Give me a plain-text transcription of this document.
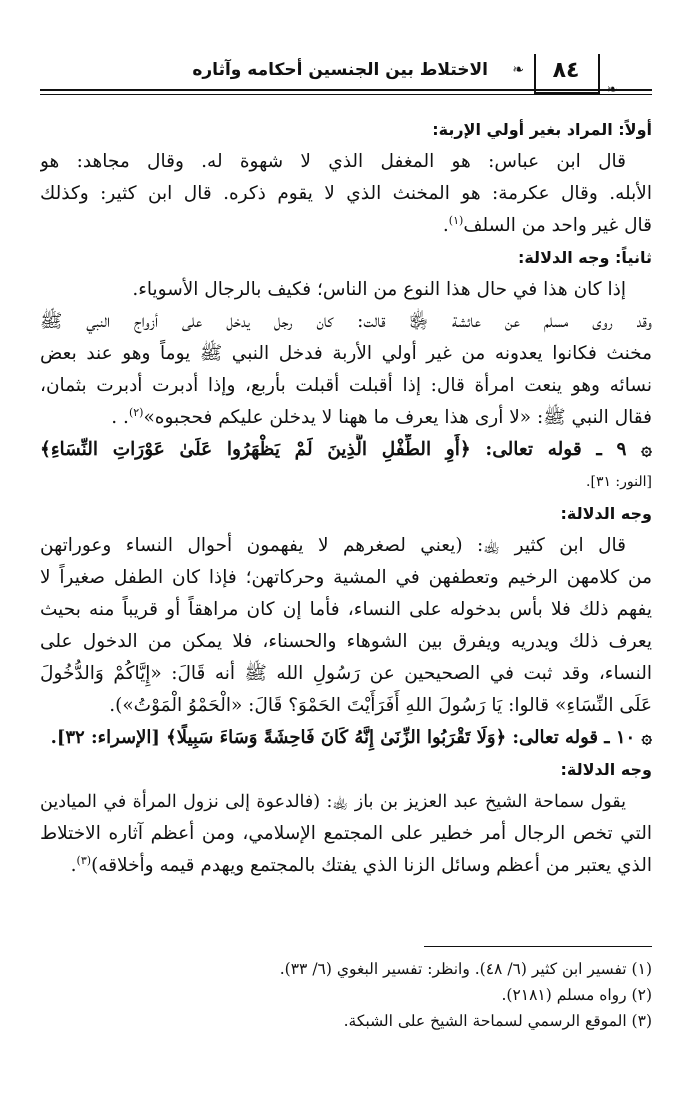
❧
الاختلاط بين الجنسين أحكامه وآثاره	٨٤
❧
أولاً: المراد بغير أولي الإربة:
قال ابن عباس: هو المغفل الذي لا شهوة له. وقال مجاهد: هو
الأبله. وقال عكرمة: هو المخنث الذي لا يقوم ذكره. قال ابن كثير: وكذلك
قال غير واحد من السلف$^{(١)}$.
ثانياً: وجه الدلالة:
إذا كان هذا في حال هذا النوع من الناس؛ فكيف بالرجال الأسوياء.
وقد روى مسلم عن عائشة ﵂ قالت: كان رجل يدخل على أزواج النبي ﷺ
مخنث فكانوا يعدونه من غير أولي الأربة فدخل النبي ﷺ يوماً وهو عند بعض
نسائه وهو ينعت امرأة قال: إذا أقبلت أقبلت بأربع، وإذا أدبرت أدبرت بثمان،
فقال النبي ﷺ: «لا أرى هذا يعرف ما ههنا لا يدخلن عليكم فحجبوه»$^{(٢)}$. .
۞ ٩ ـ قوله تعالى: ﴿أَوِ الطِّفْلِ الَّذِينَ لَمْ يَظْهَرُوا عَلَىٰ عَوْرَاتِ النِّسَاءِ﴾
[النور: ٣١].
وجه الدلالة:
قال ابن كثير ﵀: (يعني لصغرهم لا يفهمون أحوال النساء وعوراتهن
من كلامهن الرخيم وتعطفهن في المشية وحركاتهن؛ فإذا كان الطفل صغيراً لا
يفهم ذلك فلا بأس بدخوله على النساء، فأما إن كان مراهقاً أو قريباً منه بحيث
يعرف ذلك ويدريه ويفرق بين الشوهاء والحسناء، فلا يمكن من الدخول على
النساء، وقد ثبت في الصحيحين عن رَسُولِ الله ﷺ أنه قَالَ: «إِيَّاكُمْ وَالدُّخُولَ
عَلَى النِّسَاءِ» قالوا: يَا رَسُولَ اللهِ أَفَرَأَيْتَ الحَمْوَ؟ قَالَ: «الْحَمْوُ الْمَوْتُ»).
۞ ١٠ ـ قوله تعالى: ﴿وَلَا تَقْرَبُوا الزِّنَىٰ إِنَّهُ كَانَ فَاحِشَةً وَسَاءَ سَبِيلًا﴾ [الإسراء: ٣٢].
وجه الدلالة:
يقول سماحة الشيخ عبد العزيز بن باز ﵀: (فالدعوة إلى نزول المرأة في الميادين
التي تخص الرجال أمر خطير على المجتمع الإسلامي، ومن أعظم آثاره الاختلاط
الذي يعتبر من أعظم وسائل الزنا الذي يفتك بالمجتمع ويهدم قيمه وأخلاقه)$^{(٣)}$.
(١) تفسير ابن كثير (٦/ ٤٨). وانظر: تفسير البغوي (٦/ ٣٣).
(٢) رواه مسلم (٢١٨١).
(٣) الموقع الرسمي لسماحة الشيخ على الشبكة.
